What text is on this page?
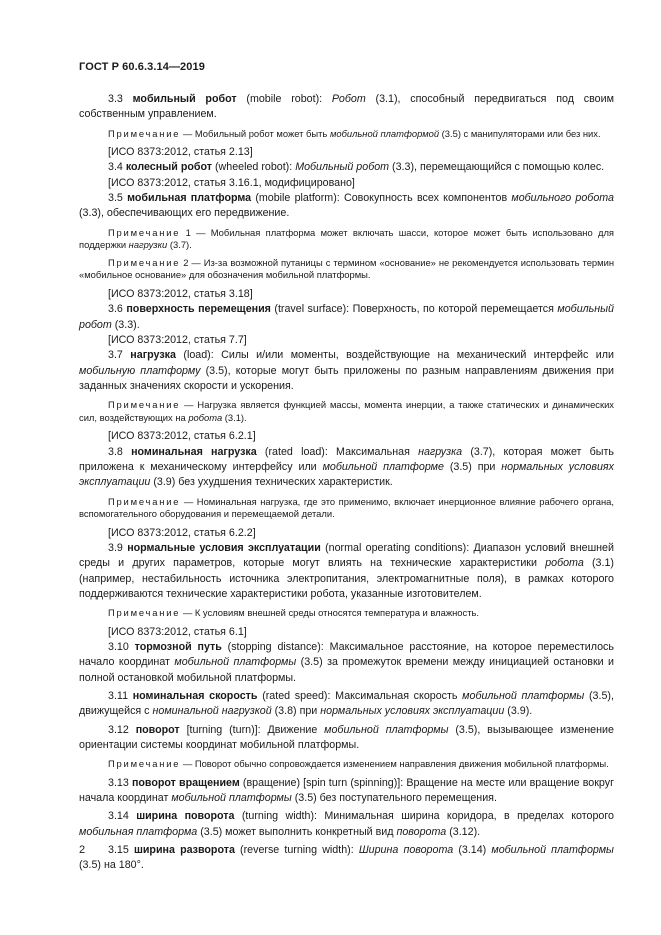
ГОСТ Р 60.6.3.14—2019

3.3 мобильный робот (mobile robot): Робот (3.1), способный передвигаться под своим собственным управлением.

Примечание — Мобильный робот может быть мобильной платформой (3.5) с манипуляторами или без них.

[ИСО 8373:2012, статья 2.13]

3.4 колесный робот (wheeled robot): Мобильный робот (3.3), перемещающийся с помощью колес.

[ИСО 8373:2012, статья 3.16.1, модифицировано]

3.5 мобильная платформа (mobile platform): Совокупность всех компонентов мобильного робота (3.3), обеспечивающих его передвижение.

Примечание 1 — Мобильная платформа может включать шасси, которое может быть использовано для поддержки нагрузки (3.7).

Примечание 2 — Из-за возможной путаницы с термином «основание» не рекомендуется использовать термин «мобильное основание» для обозначения мобильной платформы.

[ИСО 8373:2012, статья 3.18]

3.6 поверхность перемещения (travel surface): Поверхность, по которой перемещается мобильный робот (3.3).

[ИСО 8373:2012, статья 7.7]

3.7 нагрузка (load): Силы и/или моменты, воздействующие на механический интерфейс или мобильную платформу (3.5), которые могут быть приложены по разным направлениям движения при заданных значениях скорости и ускорения.

Примечание — Нагрузка является функцией массы, момента инерции, а также статических и динамических сил, воздействующих на робота (3.1).

[ИСО 8373:2012, статья 6.2.1]

3.8 номинальная нагрузка (rated load): Максимальная нагрузка (3.7), которая может быть приложена к механическому интерфейсу или мобильной платформе (3.5) при нормальных условиях эксплуатации (3.9) без ухудшения технических характеристик.

Примечание — Номинальная нагрузка, где это применимо, включает инерционное влияние рабочего органа, вспомогательного оборудования и перемещаемой детали.

[ИСО 8373:2012, статья 6.2.2]

3.9 нормальные условия эксплуатации (normal operating conditions): Диапазон условий внешней среды и других параметров, которые могут влиять на технические характеристики робота (3.1) (например, нестабильность источника электропитания, электромагнитные поля), в рамках которого поддерживаются технические характеристики робота, указанные изготовителем.

Примечание — К условиям внешней среды относятся температура и влажность.

[ИСО 8373:2012, статья 6.1]

3.10 тормозной путь (stopping distance): Максимальное расстояние, на которое переместилось начало координат мобильной платформы (3.5) за промежуток времени между инициацией остановки и полной остановкой мобильной платформы.

3.11 номинальная скорость (rated speed): Максимальная скорость мобильной платформы (3.5), движущейся с номинальной нагрузкой (3.8) при нормальных условиях эксплуатации (3.9).

3.12 поворот [turning (turn)]: Движение мобильной платформы (3.5), вызывающее изменение ориентации системы координат мобильной платформы.

Примечание — Поворот обычно сопровождается изменением направления движения мобильной платформы.

3.13 поворот вращением (вращение) [spin turn (spinning)]: Вращение на месте или вращение вокруг начала координат мобильной платформы (3.5) без поступательного перемещения.

3.14 ширина поворота (turning width): Минимальная ширина коридора, в пределах которого мобильная платформа (3.5) может выполнить конкретный вид поворота (3.12).

3.15 ширина разворота (reverse turning width): Ширина поворота (3.14) мобильной платформы (3.5) на 180°.

2
